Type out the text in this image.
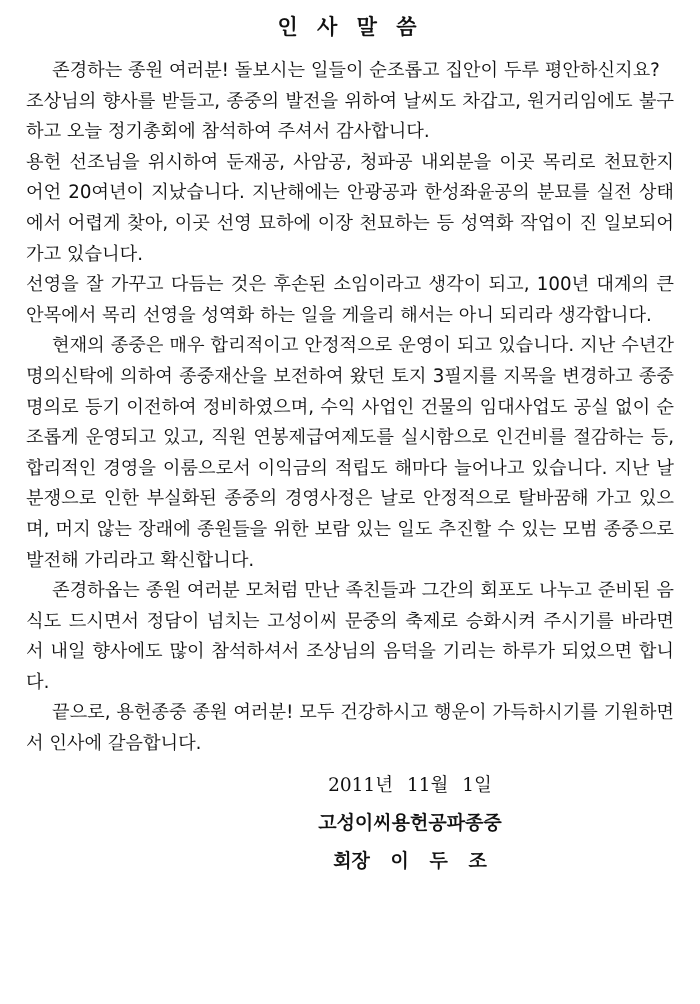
인 사 말 씀

존경하는 종원 여러분! 돌보시는 일들이 순조롭고 집안이 두루 평안하신지요?

조상님의 향사를 받들고, 종중의 발전을 위하여 날씨도 차갑고, 원거리임에도 불구하고 오늘 정기총회에 참석하여 주셔서 감사합니다.

용헌 선조님을 위시하여 둔재공, 사암공, 청파공 내외분을 이곳 목리로 천묘한지 어언 20여년이 지났습니다. 지난해에는 안광공과 한성좌윤공의 분묘를 실전 상태에서 어렵게 찾아, 이곳 선영 묘하에 이장 천묘하는 등 성역화 작업이 진 일보되어 가고 있습니다.

선영을 잘 가꾸고 다듬는 것은 후손된 소임이라고 생각이 되고, 100년 대계의 큰 안목에서 목리 선영을 성역화 하는 일을 게을리 해서는 아니 되리라 생각합니다.

현재의 종중은 매우 합리적이고 안정적으로 운영이 되고 있습니다. 지난 수년간 명의신탁에 의하여 종중재산을 보전하여 왔던 토지 3필지를 지목을 변경하고 종중명의로 등기 이전하여 정비하였으며, 수익 사업인 건물의 임대사업도 공실 없이 순조롭게 운영되고 있고, 직원 연봉제급여제도를 실시함으로 인건비를 절감하는 등, 합리적인 경영을 이룸으로서 이익금의 적립도 해마다 늘어나고 있습니다. 지난 날 분쟁으로 인한 부실화된 종중의 경영사정은 날로 안정적으로 탈바꿈해 가고 있으며, 머지 않는 장래에 종원들을 위한 보람 있는 일도 추진할 수 있는 모범 종중으로 발전해 가리라고 확신합니다.

존경하옵는 종원 여러분 모처럼 만난 족친들과 그간의 회포도 나누고 준비된 음식도 드시면서 정담이 넘치는 고성이씨 문중의 축제로 승화시켜 주시기를 바라면서 내일 향사에도 많이 참석하셔서 조상님의 음덕을 기리는 하루가 되었으면 합니다.

끝으로, 용헌종중 종원 여러분! 모두 건강하시고 행운이 가득하시기를 기원하면서 인사에 갈음합니다.

2011년 11월 1일
고성이씨용헌공파종중
회장 이 두 조
